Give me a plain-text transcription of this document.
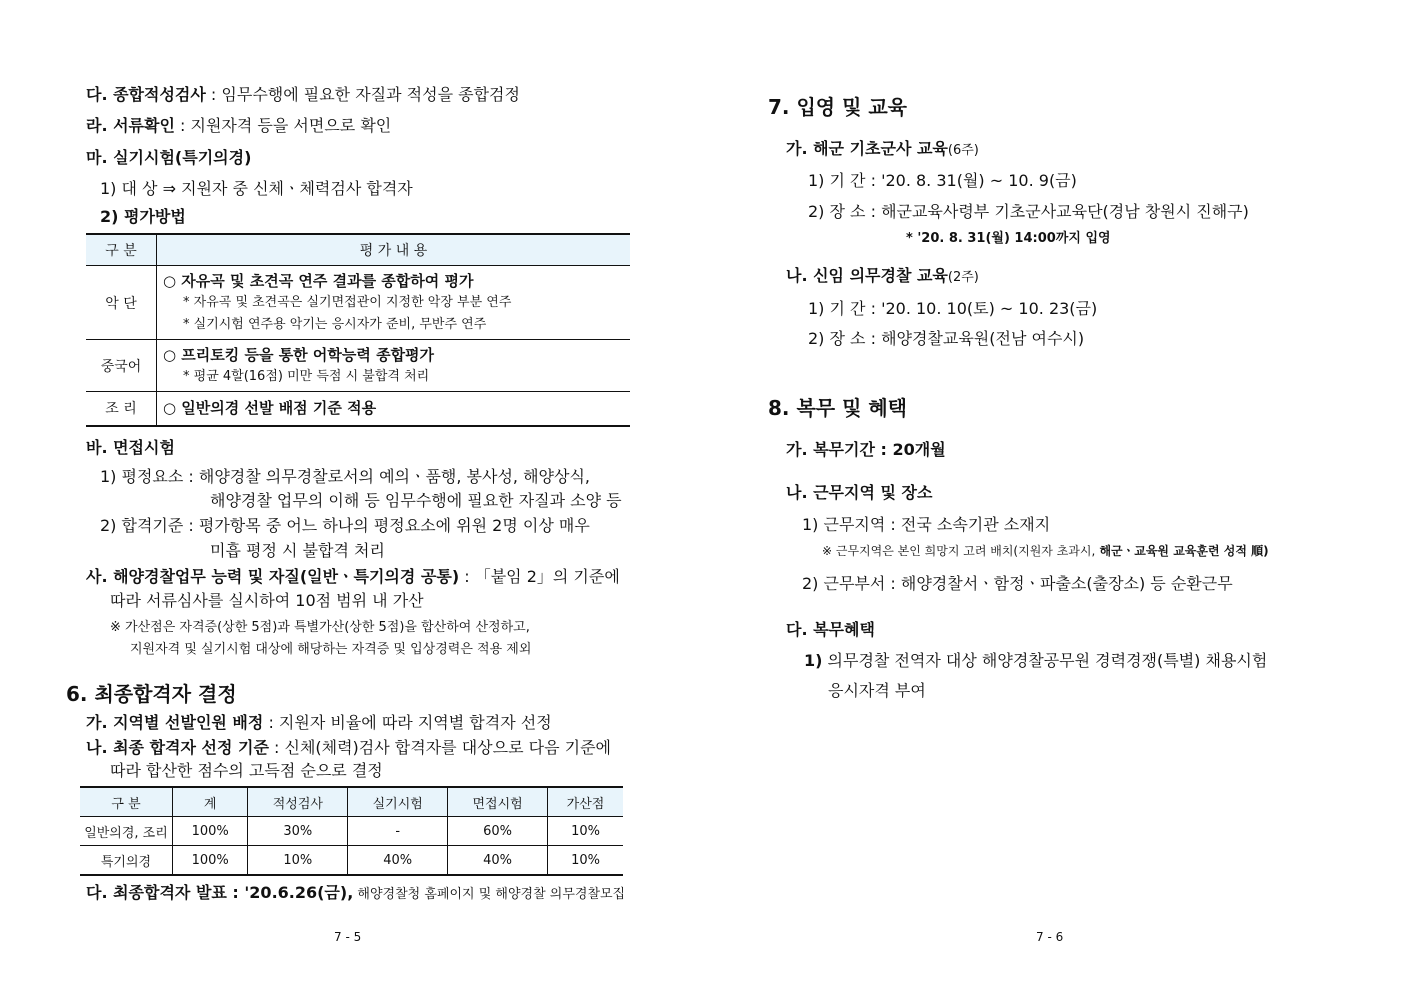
다. 종합적성검사 : 임무수행에 필요한 자질과 적성을 종합검정
라. 서류확인 : 지원자격 등을 서면으로 확인
마. 실기시험(특기의경)
1) 대 상 ⇒ 지원자 중 신체ㆍ체력검사 합격자
2) 평가방법
구 분	평 가 내 용
악 단	○ 자유곡 및 초견곡 연주 결과를 종합하여 평가
* 자유곡 및 초견곡은 실기면접관이 지정한 악장 부분 연주
* 실기시험 연주용 악기는 응시자가 준비, 무반주 연주

중국어	○ 프리토킹 등을 통한 어학능력 종합평가
* 평균 4할(16점) 미만 득점 시 불합격 처리

조 리	○ 일반의경 선발 배점 기준 적용
바. 면접시험
1) 평정요소 : 해양경찰 의무경찰로서의 예의ㆍ품행, 봉사성, 해양상식,
해양경찰 업무의 이해 등 임무수행에 필요한 자질과 소양 등
2) 합격기준 : 평가항목 중 어느 하나의 평정요소에 위원 2명 이상 매우
미흡 평정 시 불합격 처리
사. 해양경찰업무 능력 및 자질(일반ㆍ특기의경 공통) : 「붙임 2」의 기준에
따라 서류심사를 실시하여 10점 범위 내 가산
※ 가산점은 자격증(상한 5점)과 특별가산(상한 5점)을 합산하여 산정하고,
지원자격 및 실기시험 대상에 해당하는 자격증 및 입상경력은 적용 제외
6. 최종합격자 결정
가. 지역별 선발인원 배정 : 지원자 비율에 따라 지역별 합격자 선정
나. 최종 합격자 선정 기준 : 신체(체력)검사 합격자를 대상으로 다음 기준에
따라 합산한 점수의 고득점 순으로 결정
구 분	계	적성검사	실기시험	면접시험	가산점
일반의경, 조리	100%	30%	-	60%	10%
특기의경	100%	10%	40%	40%	10%
다. 최종합격자 발표 : '20.6.26(금), 해양경찰청 홈페이지 및 해양경찰 의무경찰모집
7 - 5
7. 입영 및 교육
가. 해군 기초군사 교육(6주)
1) 기 간 : '20. 8. 31(월) ~ 10. 9(금)
2) 장 소 : 해군교육사령부 기초군사교육단(경남 창원시 진해구)
* '20. 8. 31(월) 14:00까지 입영
나. 신임 의무경찰 교육(2주)
1) 기 간 : '20. 10. 10(토) ~ 10. 23(금)
2) 장 소 : 해양경찰교육원(전남 여수시)
8. 복무 및 혜택
가. 복무기간 : 20개월
나. 근무지역 및 장소
1) 근무지역 : 전국 소속기관 소재지
※ 근무지역은 본인 희망지 고려 배치(지원자 초과시, 해군ㆍ교육원 교육훈련 성적 順)
2) 근무부서 : 해양경찰서ㆍ함정ㆍ파출소(출장소) 등 순환근무
다. 복무혜택
1) 의무경찰 전역자 대상 해양경찰공무원 경력경쟁(특별) 채용시험
응시자격 부여
7 - 6
